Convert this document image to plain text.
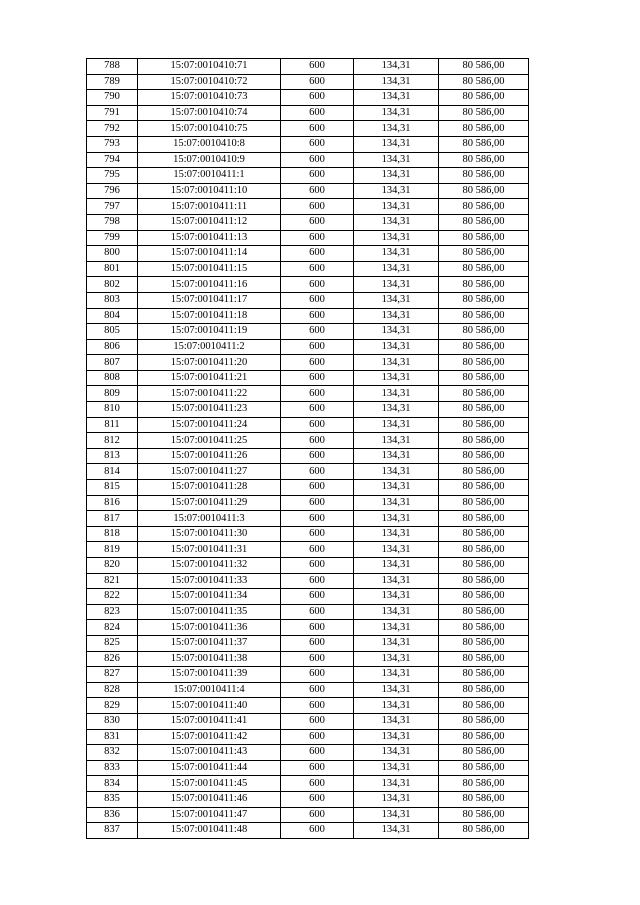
788	15:07:0010410:71	600	134,31	80 586,00
789	15:07:0010410:72	600	134,31	80 586,00
790	15:07:0010410:73	600	134,31	80 586,00
791	15:07:0010410:74	600	134,31	80 586,00
792	15:07:0010410:75	600	134,31	80 586,00
793	15:07:0010410:8	600	134,31	80 586,00
794	15:07:0010410:9	600	134,31	80 586,00
795	15:07:0010411:1	600	134,31	80 586,00
796	15:07:0010411:10	600	134,31	80 586,00
797	15:07:0010411:11	600	134,31	80 586,00
798	15:07:0010411:12	600	134,31	80 586,00
799	15:07:0010411:13	600	134,31	80 586,00
800	15:07:0010411:14	600	134,31	80 586,00
801	15:07:0010411:15	600	134,31	80 586,00
802	15:07:0010411:16	600	134,31	80 586,00
803	15:07:0010411:17	600	134,31	80 586,00
804	15:07:0010411:18	600	134,31	80 586,00
805	15:07:0010411:19	600	134,31	80 586,00
806	15:07:0010411:2	600	134,31	80 586,00
807	15:07:0010411:20	600	134,31	80 586,00
808	15:07:0010411:21	600	134,31	80 586,00
809	15:07:0010411:22	600	134,31	80 586,00
810	15:07:0010411:23	600	134,31	80 586,00
811	15:07:0010411:24	600	134,31	80 586,00
812	15:07:0010411:25	600	134,31	80 586,00
813	15:07:0010411:26	600	134,31	80 586,00
814	15:07:0010411:27	600	134,31	80 586,00
815	15:07:0010411:28	600	134,31	80 586,00
816	15:07:0010411:29	600	134,31	80 586,00
817	15:07:0010411:3	600	134,31	80 586,00
818	15:07:0010411:30	600	134,31	80 586,00
819	15:07:0010411:31	600	134,31	80 586,00
820	15:07:0010411:32	600	134,31	80 586,00
821	15:07:0010411:33	600	134,31	80 586,00
822	15:07:0010411:34	600	134,31	80 586,00
823	15:07:0010411:35	600	134,31	80 586,00
824	15:07:0010411:36	600	134,31	80 586,00
825	15:07:0010411:37	600	134,31	80 586,00
826	15:07:0010411:38	600	134,31	80 586,00
827	15:07:0010411:39	600	134,31	80 586,00
828	15:07:0010411:4	600	134,31	80 586,00
829	15:07:0010411:40	600	134,31	80 586,00
830	15:07:0010411:41	600	134,31	80 586,00
831	15:07:0010411:42	600	134,31	80 586,00
832	15:07:0010411:43	600	134,31	80 586,00
833	15:07:0010411:44	600	134,31	80 586,00
834	15:07:0010411:45	600	134,31	80 586,00
835	15:07:0010411:46	600	134,31	80 586,00
836	15:07:0010411:47	600	134,31	80 586,00
837	15:07:0010411:48	600	134,31	80 586,00
